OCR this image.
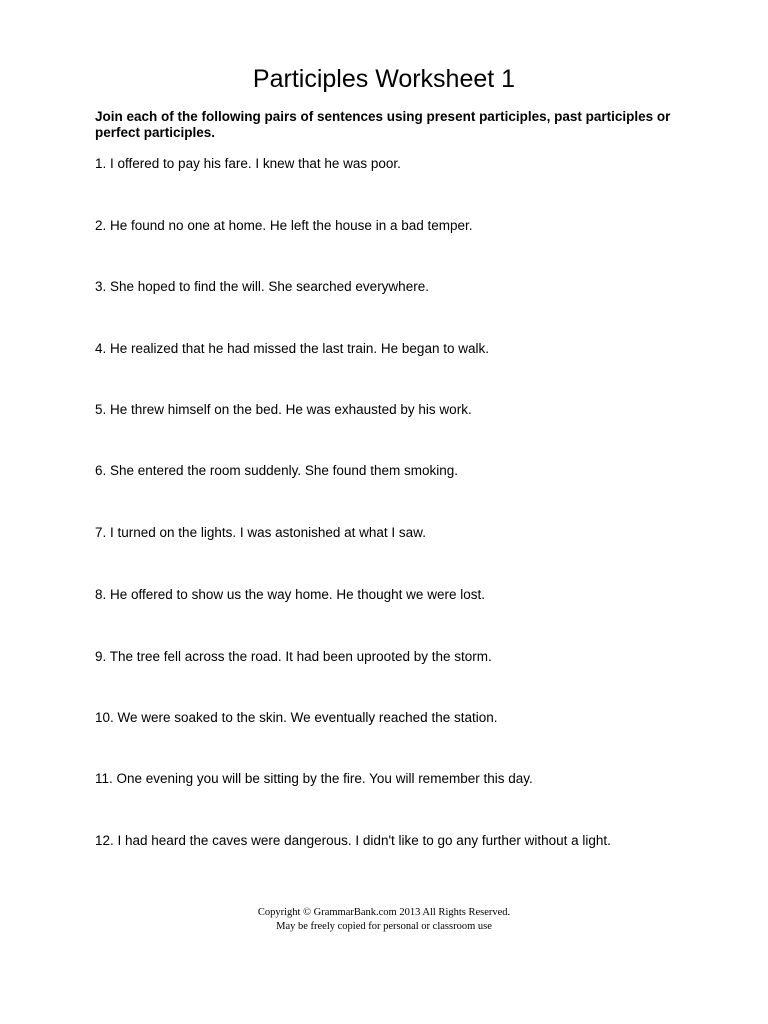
Participles Worksheet 1

Join each of the following pairs of sentences using present participles, past participles or perfect participles.

1. I offered to pay his fare. I knew that he was poor.

2. He found no one at home. He left the house in a bad temper.

3. She hoped to find the will. She searched everywhere.

4. He realized that he had missed the last train. He began to walk.

5. He threw himself on the bed. He was exhausted by his work.

6. She entered the room suddenly. She found them smoking.

7. I turned on the lights. I was astonished at what I saw.

8. He offered to show us the way home. He thought we were lost.

9. The tree fell across the road. It had been uprooted by the storm.

10. We were soaked to the skin. We eventually reached the station.

11. One evening you will be sitting by the fire. You will remember this day.

12. I had heard the caves were dangerous. I didn't like to go any further without a light.

Copyright © GrammarBank.com 2013 All Rights Reserved.
May be freely copied for personal or classroom use
